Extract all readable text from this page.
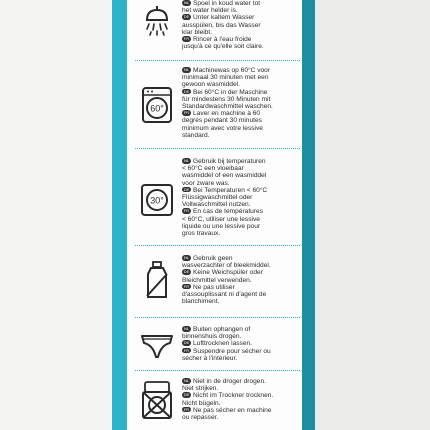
NL Spoel in koud water tot
het water helder is.
DE Unter kaltem Wasser
ausspülen, bis das Wasser
klar bleibt.
FR Rincer à l'eau froide
jusqu'à ce qu'elle soit claire.
60°
NL Machinewas op 60°C voor
minimaal 30 minuten met een
gewoon wasmiddel.
DE Bei 60°C in der Maschine
für mindestens 30 Minuten mit
Standardwaschmittel waschen.
FR Laver en machine à 60
degrés pendant 30 minutes
minimum avec votre lessive
standard.
30°
NL Gebruik bij temperaturen
< 60°C een vloeibaar
wasmiddel of een wasmiddel
voor zware was.
DE Bei Temperaturen < 60°C
Flüssigwaschmittel oder
Vollwaschmittel nutzen.
FR En cas de températures
< 60°C, utiliser une lessive
liquide ou une lessive pour
gros travaux.
NL Gebruik geen
wasverzachter of bleekmiddel.
DE Keine Weichspüler oder
Bleichmittel verwenden.
FR Ne pas utiliser
d'assouplissant ni d'agent de
blanchiment.
NL Buiten ophangen of
binnenshuis drogen.
DE Lufttrocknen lassen.
FR Suspendre pour sécher ou
sécher à l'intérieur.
NL Niet in de droger drogen.
Niet strijken.
DE Nicht im Trockner trocknen.
Nicht bügeln.
FR Ne pas sécher en machine
ou repasser.
